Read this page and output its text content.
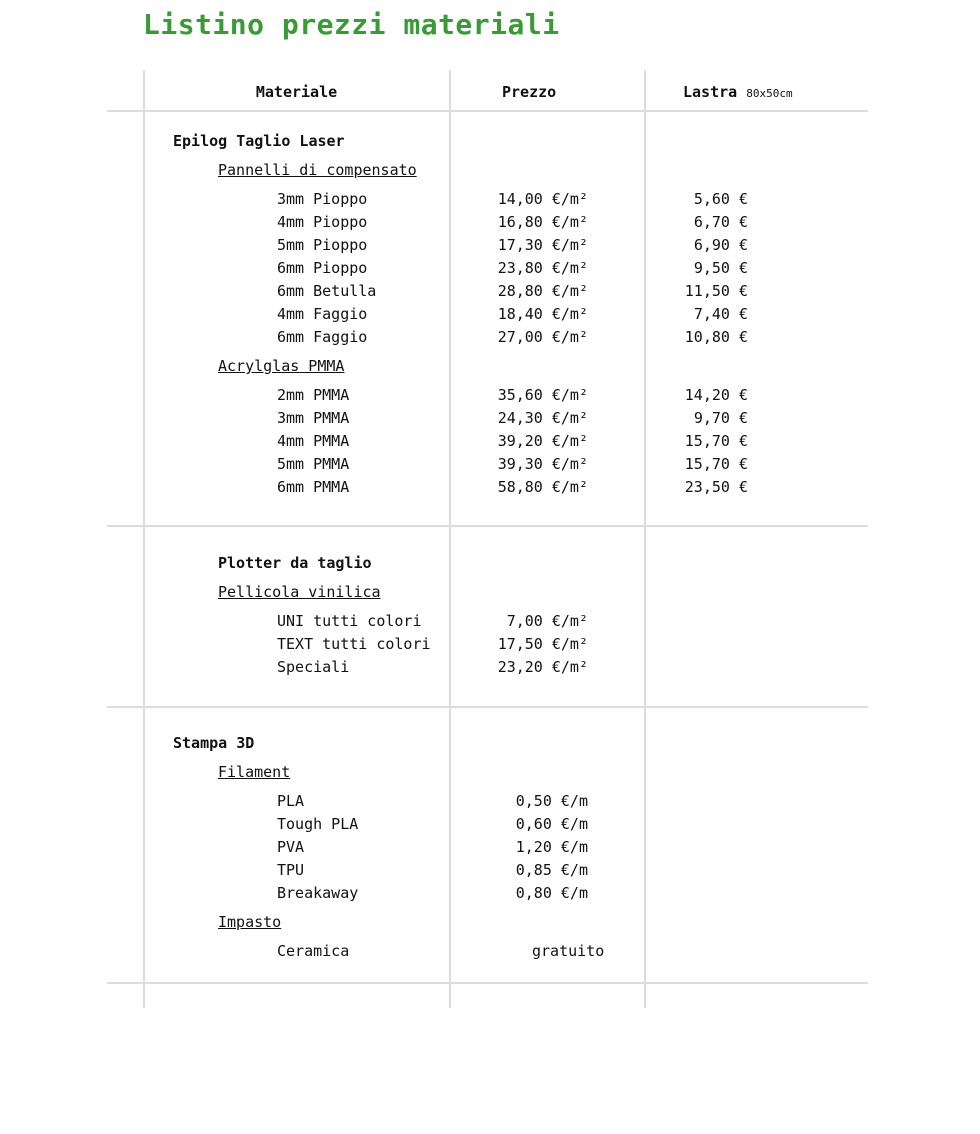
Listino prezzi materiali
Materiale	Prezzo	Lastra 80x50cm
Epilog Taglio Laser
Pannelli di compensato
3mm Pioppo	14,00 €/m²	5,60 €
4mm Pioppo	16,80 €/m²	6,70 €
5mm Pioppo	17,30 €/m²	6,90 €
6mm Pioppo	23,80 €/m²	9,50 €
6mm Betulla	28,80 €/m²	11,50 €
4mm Faggio	18,40 €/m²	7,40 €
6mm Faggio	27,00 €/m²	10,80 €
Acrylglas PMMA
2mm PMMA	35,60 €/m²	14,20 €
3mm PMMA	24,30 €/m²	9,70 €
4mm PMMA	39,20 €/m²	15,70 €
5mm PMMA	39,30 €/m²	15,70 €
6mm PMMA	58,80 €/m²	23,50 €
Plotter da taglio
Pellicola vinilica
UNI tutti colori	7,00 €/m²
TEXT tutti colori	17,50 €/m²
Speciali	23,20 €/m²
Stampa 3D
Filament
PLA	0,50 €/m
Tough PLA	0,60 €/m
PVA	1,20 €/m
TPU	0,85 €/m
Breakaway	0,80 €/m
Impasto
Ceramica	gratuito
